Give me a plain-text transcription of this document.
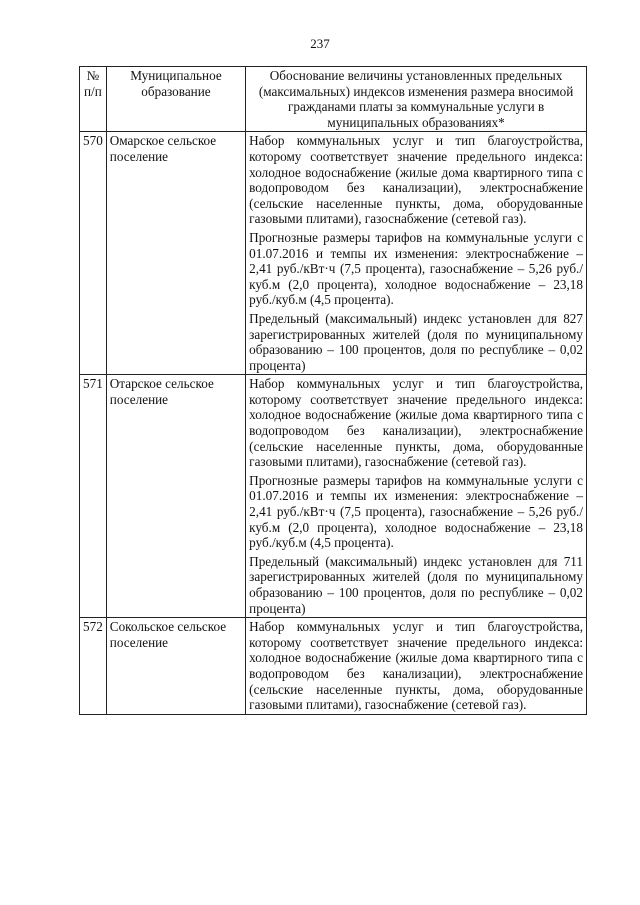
237
№ п/п	Муниципальное образование	Обоснование величины установленных предельных (максимальных) индексов изменения размера вносимой гражданами платы за коммунальные услуги в муниципальных образованиях*
570	Омарское сельское поселение	Набор коммунальных услуг и тип благоустройства, которому соответствует значение предельного индекса: холодное водоснабжение (жилые дома квартирного типа с водопроводом без канализации), электроснабжение (сельские населенные пункты, дома, оборудованные газовыми плитами), газоснабжение (сетевой газ).

Прогнозные размеры тарифов на коммунальные услуги с 01.07.2016 и темпы их изменения: электроснабжение – 2,41 руб./кВт·ч (7,5 процента), газоснабжение – 5,26 руб./куб.м (2,0 процента), холодное водоснабжение – 23,18 руб./куб.м (4,5 процента).

Предельный (максимальный) индекс установлен для 827 зарегистрированных жителей (доля по муниципальному образованию – 100 процентов, доля по республике – 0,02 процента)

571	Отарское сельское поселение	Набор коммунальных услуг и тип благоустройства, которому соответствует значение предельного индекса: холодное водоснабжение (жилые дома квартирного типа с водопроводом без канализации), электроснабжение (сельские населенные пункты, дома, оборудованные газовыми плитами), газоснабжение (сетевой газ).

Прогнозные размеры тарифов на коммунальные услуги с 01.07.2016 и темпы их изменения: электроснабжение – 2,41 руб./кВт·ч (7,5 процента), газоснабжение – 5,26 руб./куб.м (2,0 процента), холодное водоснабжение – 23,18 руб./куб.м (4,5 процента).

Предельный (максимальный) индекс установлен для 711 зарегистрированных жителей (доля по муниципальному образованию – 100 процентов, доля по республике – 0,02 процента)

572	Сокольское сельское поселение	Набор коммунальных услуг и тип благоустройства, которому соответствует значение предельного индекса: холодное водоснабжение (жилые дома квартирного типа с водопроводом без канализации), электроснабжение (сельские населенные пункты, дома, оборудованные газовыми плитами), газоснабжение (сетевой газ).
